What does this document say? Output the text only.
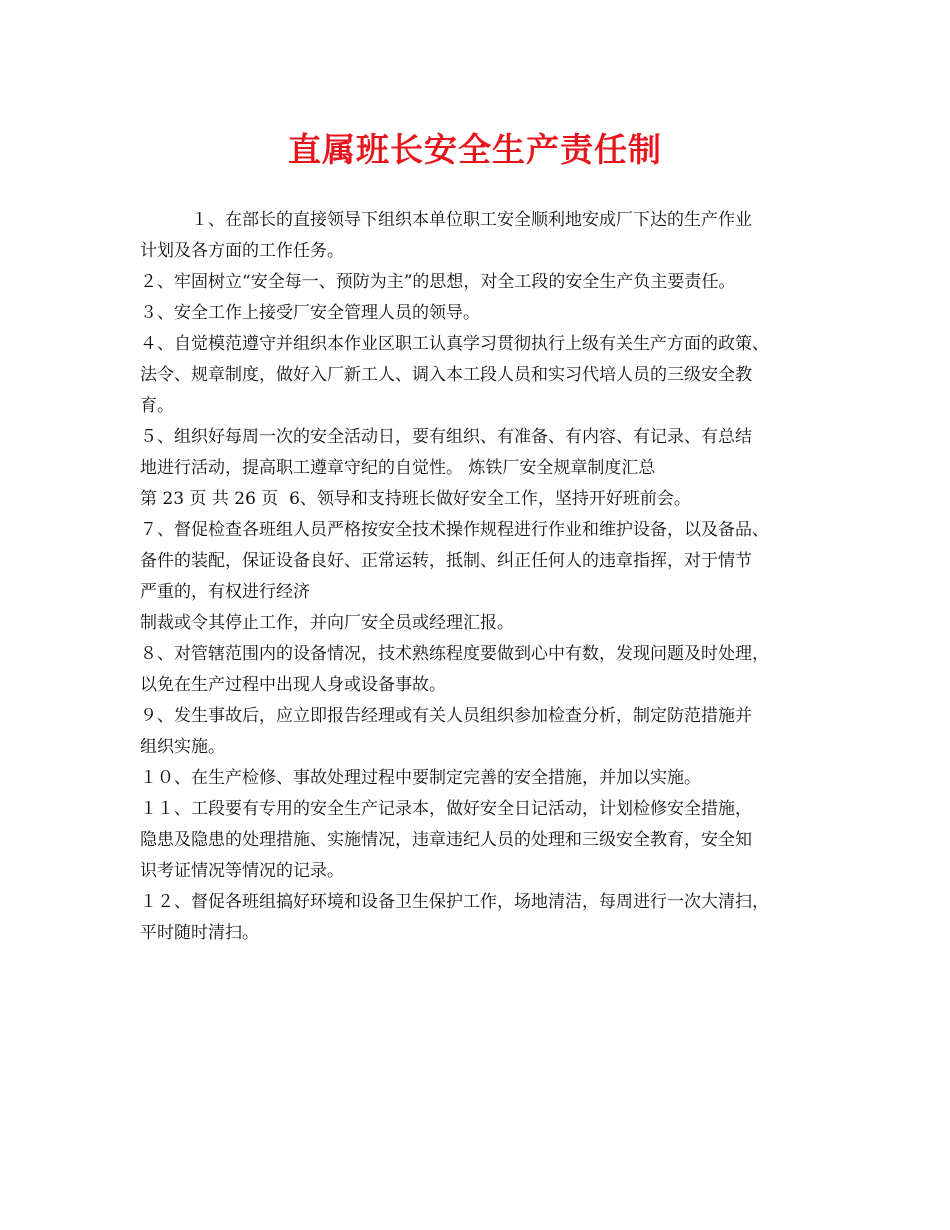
直属班长安全生产责任制
　　　１、在部长的直接领导下组织本单位职工安全顺利地安成厂下达的生产作业
计划及各方面的工作任务。
２、牢固树立“安全每一、预防为主”的思想，对全工段的安全生产负主要责任。
３、安全工作上接受厂安全管理人员的领导。
４、自觉模范遵守并组织本作业区职工认真学习贯彻执行上级有关生产方面的政策、
法令、规章制度，做好入厂新工人、调入本工段人员和实习代培人员的三级安全教
育。
５、组织好每周一次的安全活动日，要有组织、有准备、有内容、有记录、有总结
地进行活动，提高职工遵章守纪的自觉性。 炼铁厂安全规章制度汇总
第 23 页 共 26 页  6、领导和支持班长做好安全工作，坚持开好班前会。
７、督促检查各班组人员严格按安全技术操作规程进行作业和维护设备，以及备品、
备件的装配，保证设备良好、正常运转，抵制、纠正任何人的违章指挥，对于情节
严重的，有权进行经济
制裁或令其停止工作，并向厂安全员或经理汇报。
８、对管辖范围内的设备情况，技术熟练程度要做到心中有数，发现问题及时处理，
以免在生产过程中出现人身或设备事故。
９、发生事故后，应立即报告经理或有关人员组织参加检查分析，制定防范措施并
组织实施。
１０、在生产检修、事故处理过程中要制定完善的安全措施，并加以实施。
１１、工段要有专用的安全生产记录本，做好安全日记活动，计划检修安全措施，
隐患及隐患的处理措施、实施情况，违章违纪人员的处理和三级安全教育，安全知
识考证情况等情况的记录。
１２、督促各班组搞好环境和设备卫生保护工作，场地清洁，每周进行一次大清扫，
平时随时清扫。
